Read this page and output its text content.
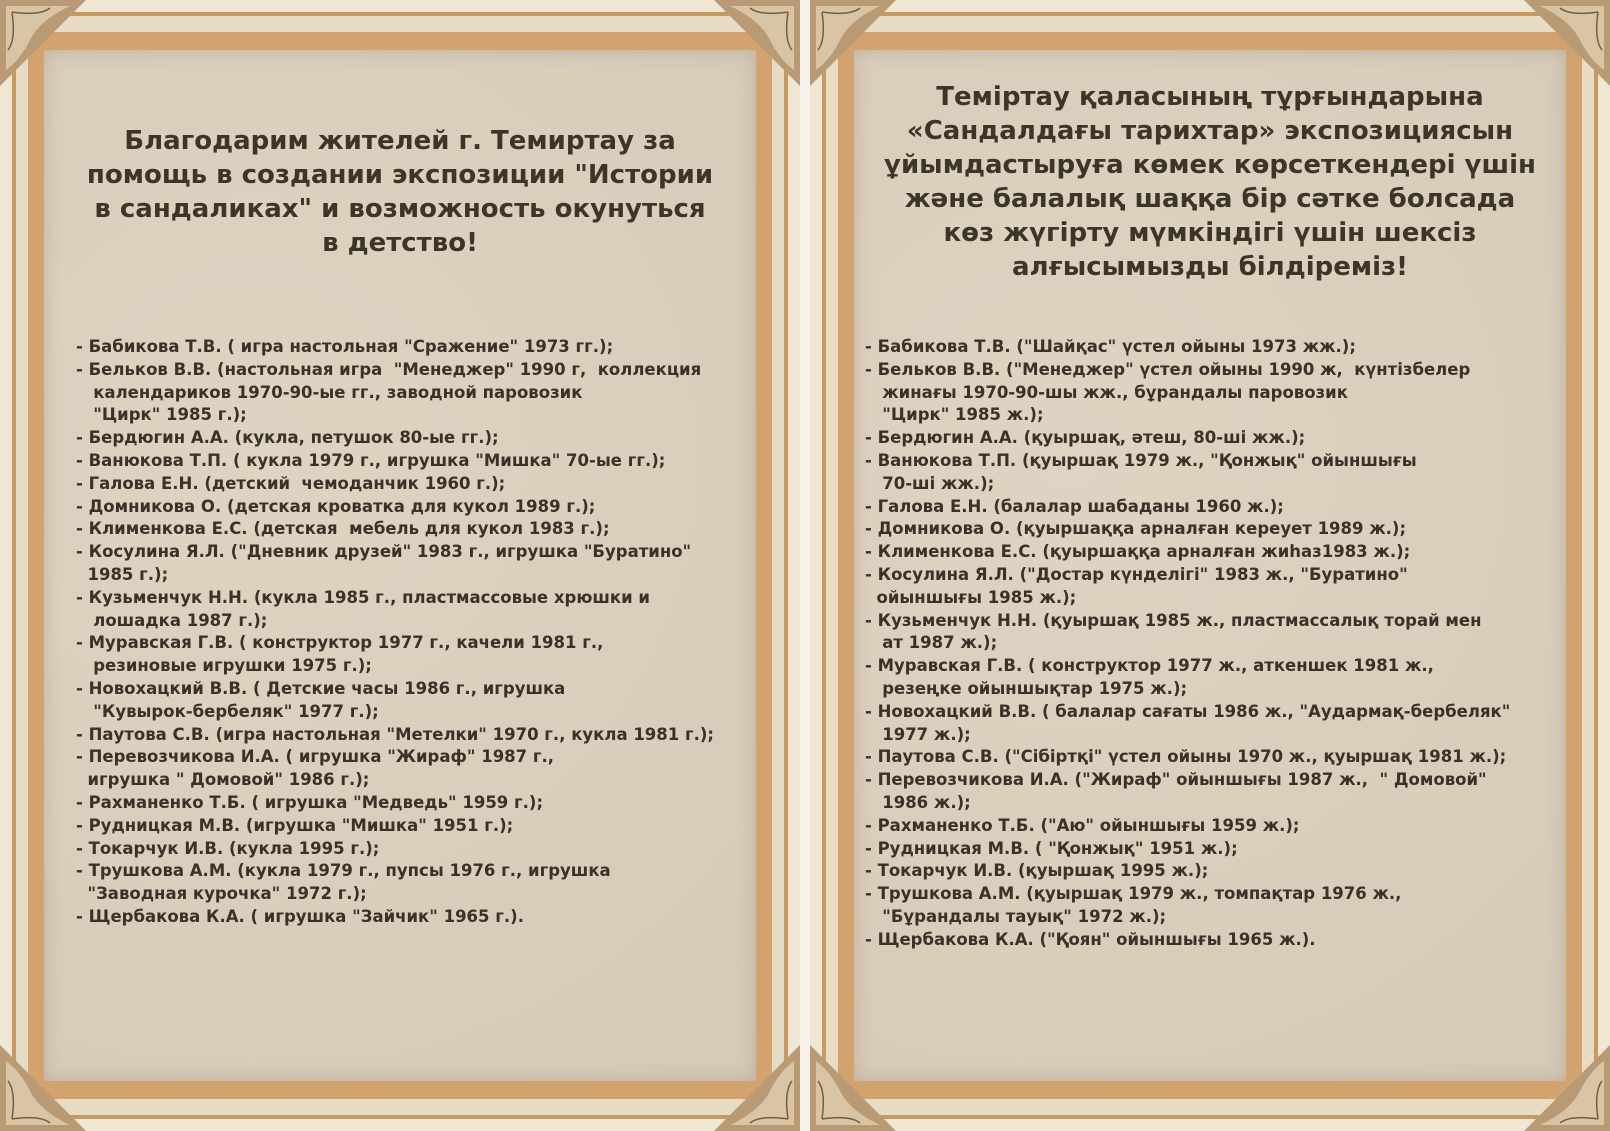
Благодарим жителей г. Темиртау за
помощь в создании экспозиции "Истории
в сандаликах" и возможность окунуться
в детство!
- Бабикова Т.В. ( игра настольная "Сражение" 1973 гг.);
- Бельков В.В. (настольная игра  "Менеджер" 1990 г,  коллекция
календариков 1970-90-ые гг., заводной паровозик
"Цирк" 1985 г.);
- Бердюгин А.А. (кукла, петушок 80-ые гг.);
- Ванюкова Т.П. ( кукла 1979 г., игрушка "Мишка" 70-ые гг.);
- Галова Е.Н. (детский  чемоданчик 1960 г.);
- Домникова О. (детская кроватка для кукол 1989 г.);
- Клименкова Е.С. (детская  мебель для кукол 1983 г.);
- Косулина Я.Л. ("Дневник друзей" 1983 г., игрушка "Буратино"
1985 г.);
- Кузьменчук Н.Н. (кукла 1985 г., пластмассовые хрюшки и
лошадка 1987 г.);
- Муравская Г.В. ( конструктор 1977 г., качели 1981 г.,
резиновые игрушки 1975 г.);
- Новохацкий В.В. ( Детские часы 1986 г., игрушка
"Кувырок-бербеляк" 1977 г.);
- Паутова С.В. (игра настольная "Метелки" 1970 г., кукла 1981 г.);
- Перевозчикова И.А. ( игрушка "Жираф" 1987 г.,
игрушка " Домовой" 1986 г.);
- Рахманенко Т.Б. ( игрушка "Медведь" 1959 г.);
- Рудницкая М.В. (игрушка "Мишка" 1951 г.);
- Токарчук И.В. (кукла 1995 г.);
- Трушкова А.М. (кукла 1979 г., пупсы 1976 г., игрушка
"Заводная курочка" 1972 г.);
- Щербакова К.А. ( игрушка "Зайчик" 1965 г.).
Теміртау қаласының тұрғындарына
«Сандалдағы тарихтар» экспозициясын
ұйымдастыруға көмек көрсеткендері үшін
және балалық шаққа бір сәтке болсада
көз жүгірту мүмкіндігі үшін шексіз
алғысымызды білдіреміз!
- Бабикова Т.В. ("Шайқас" үстел ойыны 1973 жж.);
- Бельков В.В. ("Менеджер" үстел ойыны 1990 ж,  күнтізбелер
жинағы 1970-90-шы жж., бұрандалы паровозик
"Цирк" 1985 ж.);
- Бердюгин А.А. (қуыршақ, әтеш, 80-ші жж.);
- Ванюкова Т.П. (қуыршақ 1979 ж., "Қонжық" ойыншығы
70-ші жж.);
- Галова Е.Н. (балалар шабаданы 1960 ж.);
- Домникова О. (қуыршаққа арналған кереует 1989 ж.);
- Клименкова Е.С. (қуыршаққа арналған жиһаз1983 ж.);
- Косулина Я.Л. ("Достар күнделігі" 1983 ж., "Буратино"
ойыншығы 1985 ж.);
- Кузьменчук Н.Н. (қуыршақ 1985 ж., пластмассалық торай мен
ат 1987 ж.);
- Муравская Г.В. ( конструктор 1977 ж., аткеншек 1981 ж.,
резеңке ойыншықтар 1975 ж.);
- Новохацкий В.В. ( балалар сағаты 1986 ж., "Аудармақ-бербеляк"
1977 ж.);
- Паутова С.В. ("Сібіртқі" үстел ойыны 1970 ж., қуыршақ 1981 ж.);
- Перевозчикова И.А. ("Жираф" ойыншығы 1987 ж.,  " Домовой"
1986 ж.);
- Рахманенко Т.Б. ("Аю" ойыншығы 1959 ж.);
- Рудницкая М.В. ( "Қонжық" 1951 ж.);
- Токарчук И.В. (қуыршақ 1995 ж.);
- Трушкова А.М. (қуыршақ 1979 ж., томпақтар 1976 ж.,
"Бұрандалы тауық" 1972 ж.);
- Щербакова К.А. ("Қоян" ойыншығы 1965 ж.).
